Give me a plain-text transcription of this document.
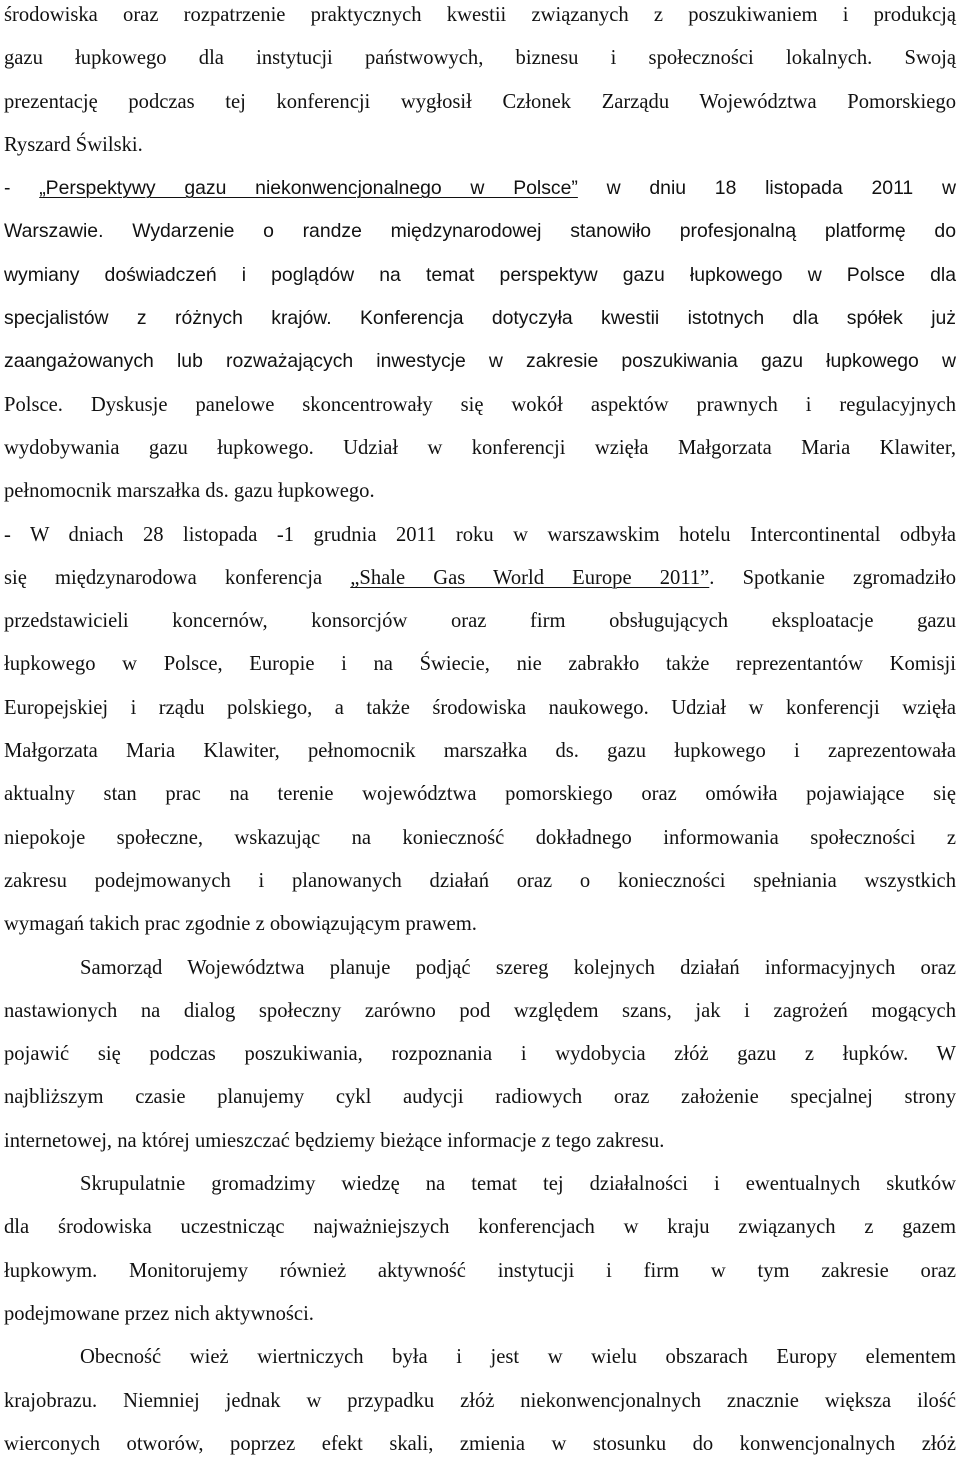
środowiska oraz rozpatrzenie praktycznych kwestii związanych z poszukiwaniem i produkcją
gazu łupkowego dla instytucji państwowych, biznesu i społeczności lokalnych. Swoją
prezentację podczas tej konferencji wygłosił Członek Zarządu Województwa Pomorskiego
Ryszard Świlski.
- „Perspektywy gazu niekonwencjonalnego w Polsce” w dniu 18 listopada 2011 w
Warszawie. Wydarzenie o randze międzynarodowej stanowiło profesjonalną platformę do
wymiany doświadczeń i poglądów na temat perspektyw gazu łupkowego w Polsce dla
specjalistów z różnych krajów. Konferencja dotyczyła kwestii istotnych dla spółek już
zaangażowanych lub rozważających inwestycje w zakresie poszukiwania gazu łupkowego w
Polsce. Dyskusje panelowe skoncentrowały się wokół aspektów prawnych i regulacyjnych
wydobywania gazu łupkowego. Udział w konferencji wzięła Małgorzata Maria Klawiter,
pełnomocnik marszałka ds. gazu łupkowego.
- W dniach 28 listopada -1 grudnia 2011 roku w warszawskim hotelu Intercontinental odbyła
się międzynarodowa konferencja „Shale Gas World Europe 2011”. Spotkanie zgromadziło
przedstawicieli koncernów, konsorcjów oraz firm obsługujących eksploatacje gazu
łupkowego w Polsce, Europie i na Świecie, nie zabrakło także reprezentantów Komisji
Europejskiej i rządu polskiego, a także środowiska naukowego. Udział w konferencji wzięła
Małgorzata Maria Klawiter, pełnomocnik marszałka ds. gazu łupkowego i zaprezentowała
aktualny stan prac na terenie województwa pomorskiego oraz omówiła pojawiające się
niepokoje społeczne, wskazując na konieczność dokładnego informowania społeczności z
zakresu podejmowanych i planowanych działań oraz o konieczności spełniania wszystkich
wymagań takich prac zgodnie z obowiązującym prawem.
Samorząd Województwa planuje podjąć szereg kolejnych działań informacyjnych oraz
nastawionych na dialog społeczny zarówno pod względem szans, jak i zagrożeń mogących
pojawić się podczas poszukiwania, rozpoznania i wydobycia złóż gazu z łupków. W
najbliższym czasie planujemy cykl audycji radiowych oraz założenie specjalnej strony
internetowej, na której umieszczać będziemy bieżące informacje z tego zakresu.
Skrupulatnie gromadzimy wiedzę na temat tej działalności i ewentualnych skutków
dla środowiska uczestnicząc najważniejszych konferencjach w kraju związanych z gazem
łupkowym. Monitorujemy również aktywność instytucji i firm w tym zakresie oraz
podejmowane przez nich aktywności.
Obecność wież wiertniczych była i jest w wielu obszarach Europy elementem
krajobrazu. Niemniej jednak w przypadku złóż niekonwencjonalnych znacznie większa ilość
wierconych otworów, poprzez efekt skali, zmienia w stosunku do konwencjonalnych złóż
